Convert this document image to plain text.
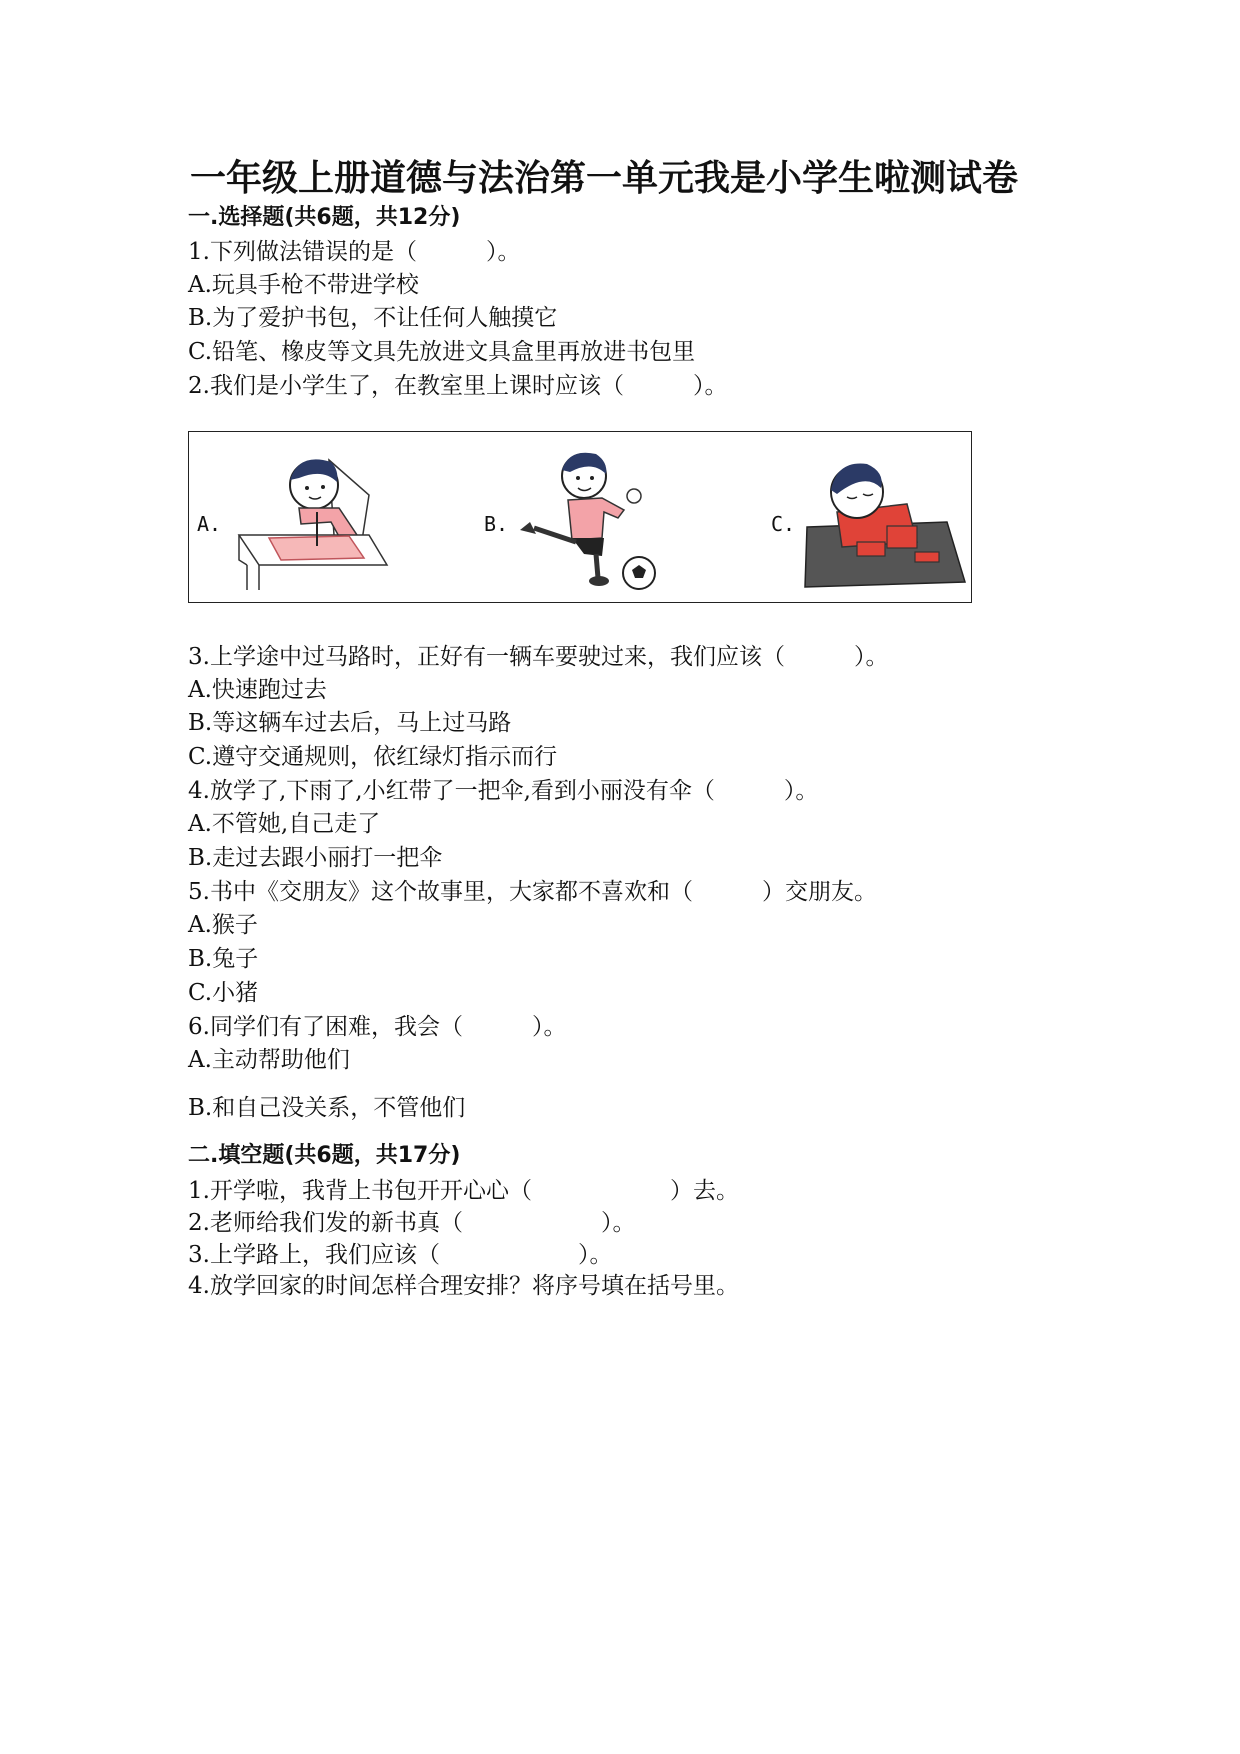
一年级上册道德与法治第一单元我是小学生啦测试卷
一.选择题(共6题，共12分)
1.下列做法错误的是（　　　）。
A.玩具手枪不带进学校
B.为了爱护书包，不让任何人触摸它
C.铅笔、橡皮等文具先放进文具盒里再放进书包里
2.我们是小学生了，在教室里上课时应该（　　　）。
A.	B.	C.
3.上学途中过马路时，正好有一辆车要驶过来，我们应该（　　　）。
A.快速跑过去
B.等这辆车过去后，马上过马路
C.遵守交通规则，依红绿灯指示而行
4.放学了,下雨了,小红带了一把伞,看到小丽没有伞（　　　）。
A.不管她,自己走了
B.走过去跟小丽打一把伞
5.书中《交朋友》这个故事里，大家都不喜欢和（　　　）交朋友。
A.猴子
B.兔子
C.小猪
6.同学们有了困难，我会（　　　）。
A.主动帮助他们
B.和自己没关系，不管他们
二.填空题(共6题，共17分)
1.开学啦，我背上书包开开心心（　　　　　　）去。
2.老师给我们发的新书真（　　　　　　）。
3.上学路上，我们应该（　　　　　　）。
4.放学回家的时间怎样合理安排？将序号填在括号里。
